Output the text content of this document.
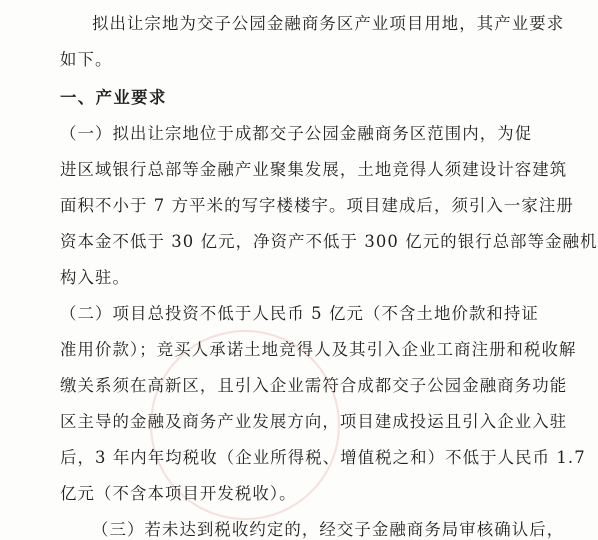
拟出让宗地为交子公园金融商务区产业项目用地，其产业要求
如下。
一、产业要求
（一）拟出让宗地位于成都交子公园金融商务区范围内，为促
进区域银行总部等金融产业聚集发展，土地竞得人须建设计容建筑
面积不小于 7 方平米的写字楼楼宇。项目建成后，须引入一家注册
资本金不低于 30 亿元，净资产不低于 300 亿元的银行总部等金融机
构入驻。
（二）项目总投资不低于人民币 5 亿元（不含土地价款和持证
准用价款）；竞买人承诺土地竞得人及其引入企业工商注册和税收解
缴关系须在高新区，且引入企业需符合成都交子公园金融商务功能
区主导的金融及商务产业发展方向，项目建成投运且引入企业入驻
后，3 年内年均税收（企业所得税、增值税之和）不低于人民币 1.7
亿元（不含本项目开发税收）。
（三）若未达到税收约定的，经交子金融商务局审核确认后，
